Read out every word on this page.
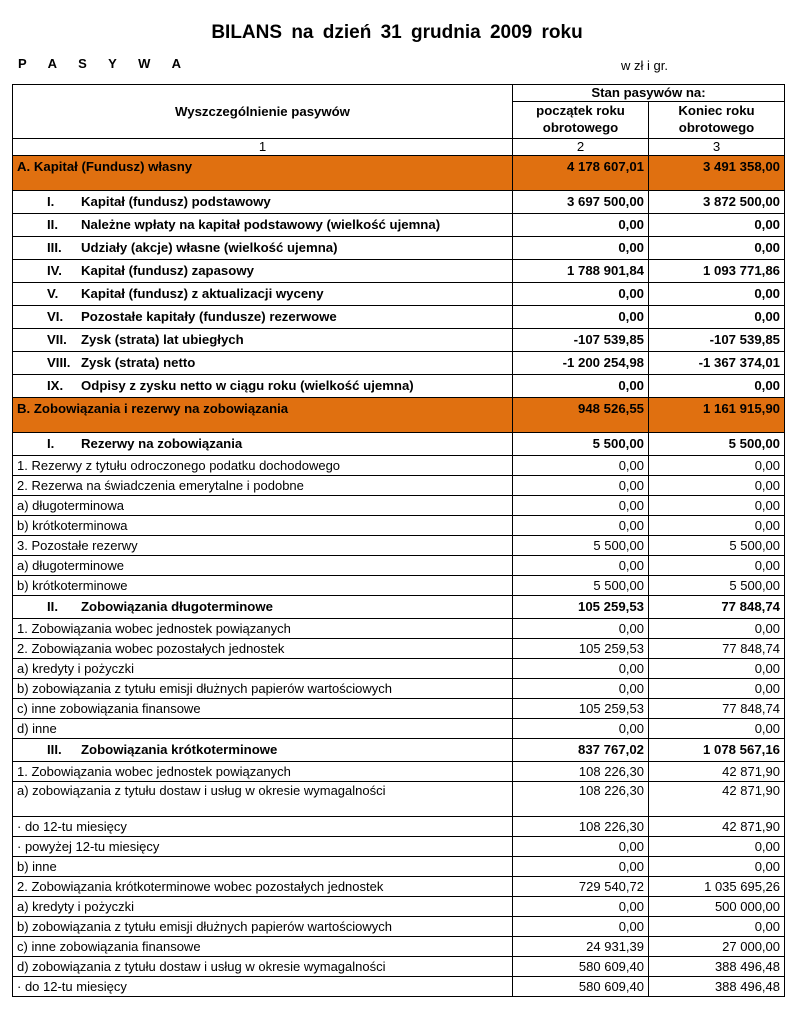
BILANS na dzień 31 grudnia 2009 roku
P A S Y W A	w zł i gr.
Wyszczególnienie pasywów	Stan pasywów na:	
	początek roku obrotowego	Koniec roku obrotowego
1	2	3
A. Kapitał (Fundusz) własny	4 178 607,01	3 491 358,00
I. Kapitał (fundusz) podstawowy	3 697 500,00	3 872 500,00
II. Należne wpłaty na kapitał podstawowy (wielkość ujemna)	0,00	0,00
III. Udziały (akcje) własne (wielkość ujemna)	0,00	0,00
IV. Kapitał (fundusz) zapasowy	1 788 901,84	1 093 771,86
V. Kapitał (fundusz) z aktualizacji wyceny	0,00	0,00
VI. Pozostałe kapitały (fundusze) rezerwowe	0,00	0,00
VII. Zysk (strata) lat ubiegłych	-107 539,85	-107 539,85
VIII. Zysk (strata) netto	-1 200 254,98	-1 367 374,01
IX. Odpisy z zysku netto w ciągu roku (wielkość ujemna)	0,00	0,00
B. Zobowiązania i rezerwy na zobowiązania	948 526,55	1 161 915,90
I. Rezerwy na zobowiązania	5 500,00	5 500,00
1. Rezerwy z tytułu odroczonego podatku dochodowego	0,00	0,00
2. Rezerwa na świadczenia emerytalne i podobne	0,00	0,00
a) długoterminowa	0,00	0,00
b) krótkoterminowa	0,00	0,00
3. Pozostałe rezerwy	5 500,00	5 500,00
a) długoterminowe	0,00	0,00
b) krótkoterminowe	5 500,00	5 500,00
II. Zobowiązania długoterminowe	105 259,53	77 848,74
1. Zobowiązania wobec jednostek powiązanych	0,00	0,00
2. Zobowiązania wobec pozostałych jednostek	105 259,53	77 848,74
a) kredyty i pożyczki	0,00	0,00
b) zobowiązania z tytułu emisji dłużnych papierów wartościowych	0,00	0,00
c) inne zobowiązania finansowe	105 259,53	77 848,74
d) inne	0,00	0,00
III. Zobowiązania krótkoterminowe	837 767,02	1 078 567,16
1. Zobowiązania wobec jednostek powiązanych	108 226,30	42 871,90
a) zobowiązania z tytułu dostaw i usług w okresie wymagalności	108 226,30	42 871,90
· do 12-tu miesięcy	108 226,30	42 871,90
· powyżej 12-tu miesięcy	0,00	0,00
b) inne	0,00	0,00
2. Zobowiązania krótkoterminowe wobec pozostałych jednostek	729 540,72	1 035 695,26
a) kredyty i pożyczki	0,00	500 000,00
b) zobowiązania z tytułu emisji dłużnych papierów wartościowych	0,00	0,00
c) inne zobowiązania finansowe	24 931,39	27 000,00
d) zobowiązania z tytułu dostaw i usług w okresie wymagalności	580 609,40	388 496,48
· do 12-tu miesięcy	580 609,40	388 496,48
